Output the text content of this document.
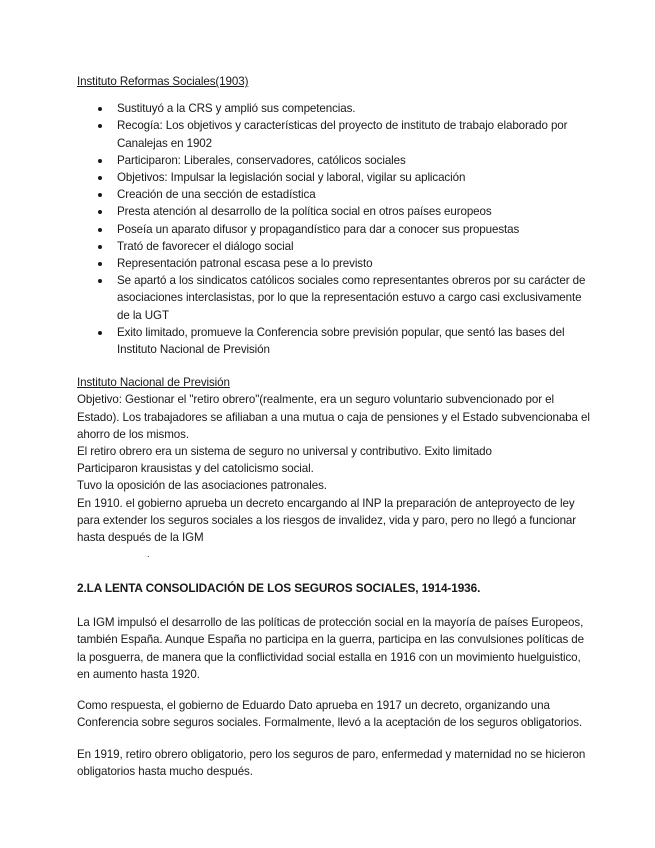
Instituto Reformas Sociales(1903)
Sustituyó a la CRS y amplió sus competencias.
Recogía: Los objetivos y características del proyecto de instituto de trabajo elaborado por Canalejas en 1902
Participaron: Liberales, conservadores, católicos sociales
Objetivos: Impulsar la legislación social y laboral, vigilar su aplicación
Creación de una sección de estadística
Presta atención al desarrollo de la política social en otros países europeos
Poseía un aparato difusor y propagandístico para dar a conocer sus propuestas
Trató de favorecer el diálogo social
Representación patronal escasa pese a lo previsto
Se apartó a los sindicatos católicos sociales como representantes obreros por su carácter de asociaciones interclasistas, por lo que la representación estuvo a cargo casi exclusivamente de la UGT
Exito limitado, promueve la Conferencia sobre previsión popular, que sentó las bases del Instituto Nacional de Previsión
Instituto Nacional de Previsión

Objetivo: Gestionar el "retiro obrero"(realmente, era un seguro voluntario subvencionado por el Estado). Los trabajadores se afiliaban a una mutua o caja de pensiones y el Estado subvencionaba el ahorro de los mismos.

El retiro obrero era un sistema de seguro no universal y contributivo. Exito limitado

Participaron krausistas y del catolicismo social.

Tuvo la oposición de las asociaciones patronales.

En 1910. el gobierno aprueba un decreto encargando al INP la preparación de anteproyecto de ley para extender los seguros sociales a los riesgos de invalidez, vida y paro, pero no llegó a funcionar hasta después de la IGM

.
2.LA LENTA CONSOLIDACIÓN DE LOS SEGUROS SOCIALES, 1914-1936.

La IGM impulsó el desarrollo de las políticas de protección social en la mayoría de países Europeos, también España. Aunque España no participa en la guerra, participa en las convulsiones políticas de la posguerra, de manera que la conflictividad social estalla en 1916 con un movimiento huelguistico, en aumento hasta 1920.

Como respuesta, el gobierno de Eduardo Dato aprueba en 1917 un decreto, organizando una Conferencia sobre seguros sociales. Formalmente, llevó a la aceptación de los seguros obligatorios.

En 1919, retiro obrero obligatorio, pero los seguros de paro, enfermedad y maternidad no se hicieron obligatorios hasta mucho después.
